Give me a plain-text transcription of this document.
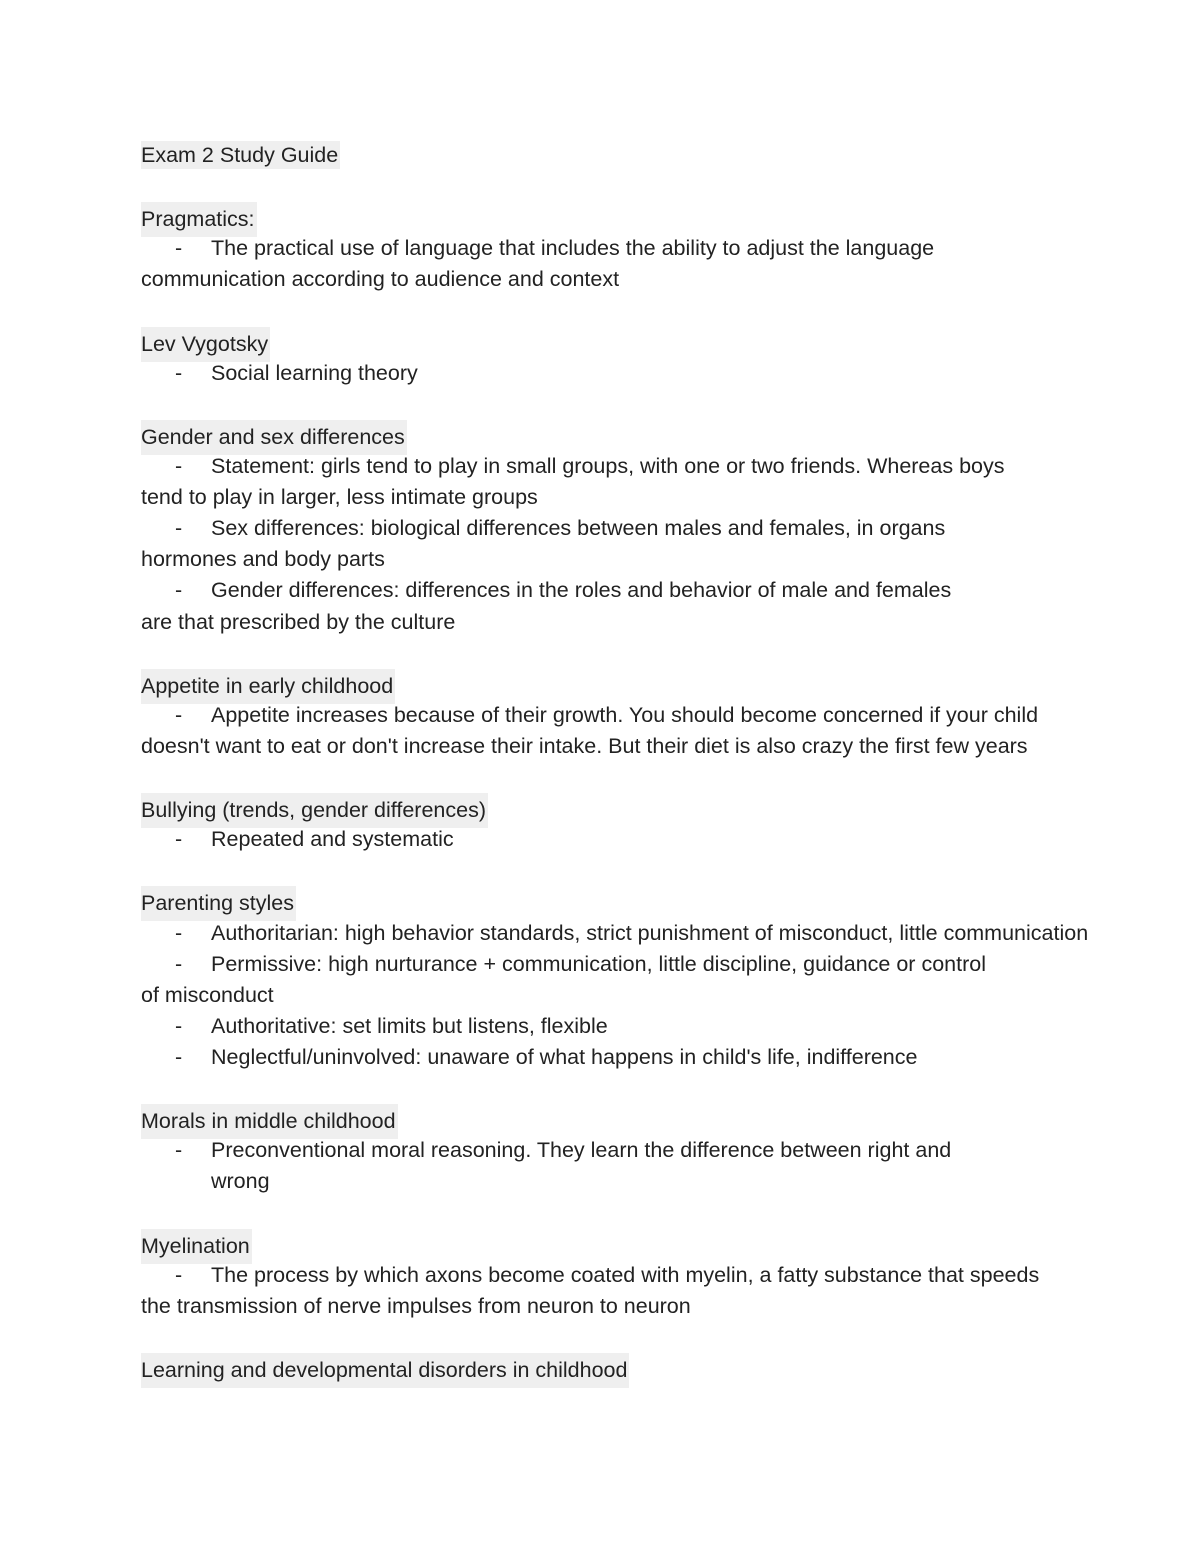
Exam 2 Study Guide
Pragmatics:
- The practical use of language that includes the ability to adjust the language
communication according to audience and context
Lev Vygotsky
- Social learning theory
Gender and sex differences
- Statement: girls tend to play in small groups, with one or two friends. Whereas boys
tend to play in larger, less intimate groups
- Sex differences: biological differences between males and females, in organs
hormones and body parts
- Gender differences: differences in the roles and behavior of male and females
are that prescribed by the culture
Appetite in early childhood
- Appetite increases because of their growth. You should become concerned if your child
doesn't want to eat or don't increase their intake. But their diet is also crazy the first few years
Bullying (trends, gender differences)
- Repeated and systematic
Parenting styles
- Authoritarian: high behavior standards, strict punishment of misconduct, little communication
- Permissive: high nurturance + communication, little discipline, guidance or control
of misconduct
- Authoritative: set limits but listens, flexible
- Neglectful/uninvolved: unaware of what happens in child's life, indifference
Morals in middle childhood
- Preconventional moral reasoning. They learn the difference between right and
wrong
Myelination
- The process by which axons become coated with myelin, a fatty substance that speeds
the transmission of nerve impulses from neuron to neuron
Learning and developmental disorders in childhood
